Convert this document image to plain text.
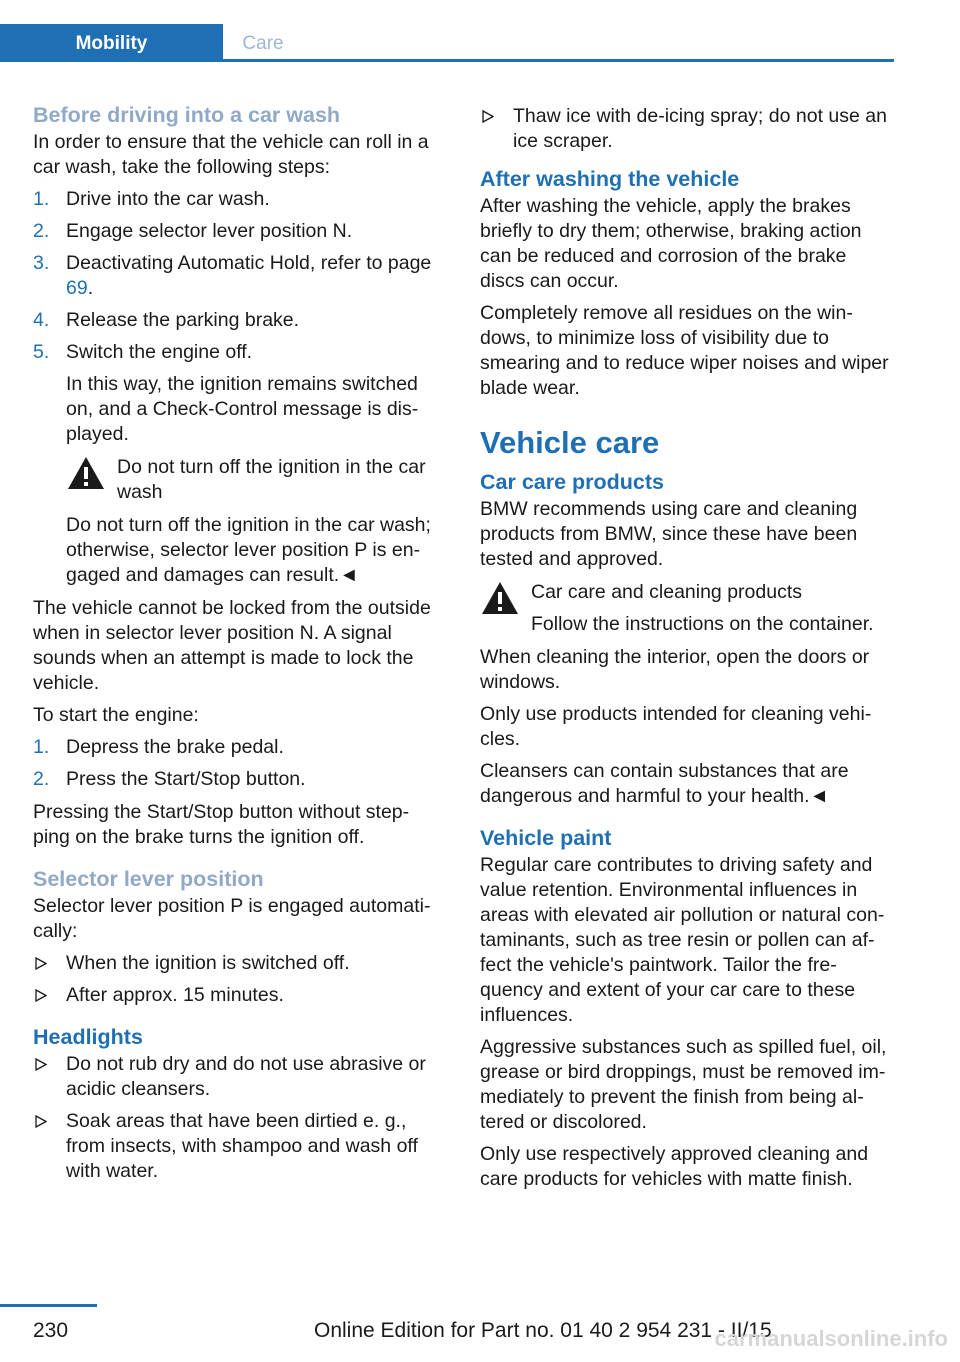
Mobility	Care
Before driving into a car wash

In order to ensure that the vehicle can roll in a car wash, take the following steps:

1. Drive into the car wash.
2. Engage selector lever position N.
3. Deactivating Automatic Hold, refer to page 69.
4. Release the parking brake.
5. Switch the engine off.
In this way, the ignition remains switched on, and a Check-Control message is dis-played.
Do not turn off the ignition in the car wash
Do not turn off the ignition in the car wash; otherwise, selector lever position P is en-gaged and damages can result.◄

The vehicle cannot be locked from the outside when in selector lever position N. A signal sounds when an attempt is made to lock the vehicle.

To start the engine:

1. Depress the brake pedal.
2. Press the Start/Stop button.

Pressing the Start/Stop button without step-ping on the brake turns the ignition off.

Selector lever position

Selector lever position P is engaged automati-cally:

When the ignition is switched off.
After approx. 15 minutes.
Headlights
Do not rub dry and do not use abrasive or acidic cleansers.
Soak areas that have been dirtied e. g., from insects, with shampoo and wash off with water.
Thaw ice with de-icing spray; do not use an ice scraper.
After washing the vehicle

After washing the vehicle, apply the brakes briefly to dry them; otherwise, braking action can be reduced and corrosion of the brake discs can occur.

Completely remove all residues on the win-dows, to minimize loss of visibility due to smearing and to reduce wiper noises and wiper blade wear.

Vehicle care
Car care products

BMW recommends using care and cleaning products from BMW, since these have been tested and approved.

Car care and cleaning products
Follow the instructions on the container.

When cleaning the interior, open the doors or windows.

Only use products intended for cleaning vehi-cles.

Cleansers can contain substances that are dangerous and harmful to your health.◄

Vehicle paint

Regular care contributes to driving safety and value retention. Environmental influences in areas with elevated air pollution or natural con-taminants, such as tree resin or pollen can af-fect the vehicle's paintwork. Tailor the fre-quency and extent of your car care to these influences.

Aggressive substances such as spilled fuel, oil, grease or bird droppings, must be removed im-mediately to prevent the finish from being al-tered or discolored.

Only use respectively approved cleaning and care products for vehicles with matte finish.

230	Online Edition for Part no. 01 40 2 954 231 - II/15
carmanualsonline.info
